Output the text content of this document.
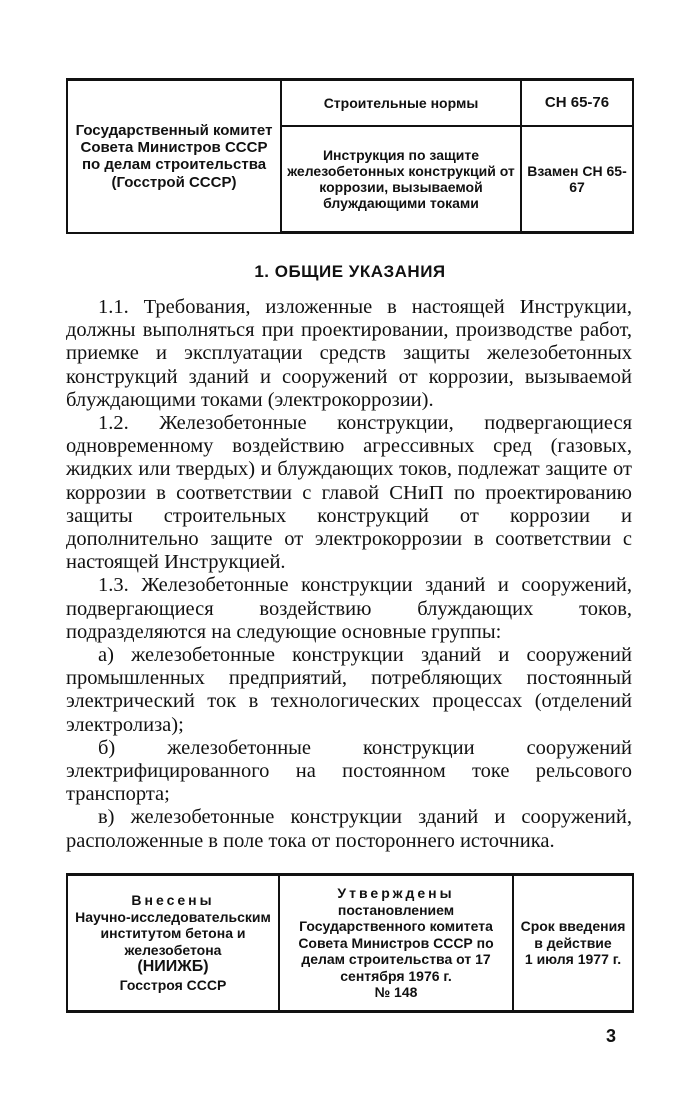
Государственный комитет Совета Министров СССР по делам строительства (Госстрой СССР)	Строительные нормы	СН 65-76
	Инструкция по защите железобетонных конструкций от коррозии, вызываемой блуждающими токами	Взамен СН 65-67
1. ОБЩИЕ УКАЗАНИЯ

1.1. Требования, изложенные в настоящей Инструкции, должны выполняться при проектировании, производстве работ, приемке и эксплуатации средств защиты железобетонных конструкций зданий и сооружений от коррозии, вызываемой блуждающими токами (электрокоррозии).

1.2. Железобетонные конструкции, подвергающиеся одновременному воздействию агрессивных сред (газовых, жидких или твердых) и блуждающих токов, подлежат защите от коррозии в соответствии с главой СНиП по проектированию защиты строительных конструкций от коррозии и дополнительно защите от электрокоррозии в соответствии с настоящей Инструкцией.

1.3. Железобетонные конструкции зданий и сооружений, подвергающиеся воздействию блуждающих токов, подразделяются на следующие основные группы:

а) железобетонные конструкции зданий и сооружений промышленных предприятий, потребляющих постоянный электрический ток в технологических процессах (отделений электролиза);

б) железобетонные конструкции сооружений электрифицированного на постоянном токе рельсового транспорта;

в) железобетонные конструкции зданий и сооружений, расположенные в поле тока от постороннего источника.

Внесены
Научно-исследовательским институтом бетона и железобетона
(НИИЖБ)
Госстроя СССР

Утверждены
постановлением Государственного комитета Совета Министров СССР по делам строительства от 17 сентября 1976 г.
№ 148

Срок введения в действие
1 июля 1977 г.
3
